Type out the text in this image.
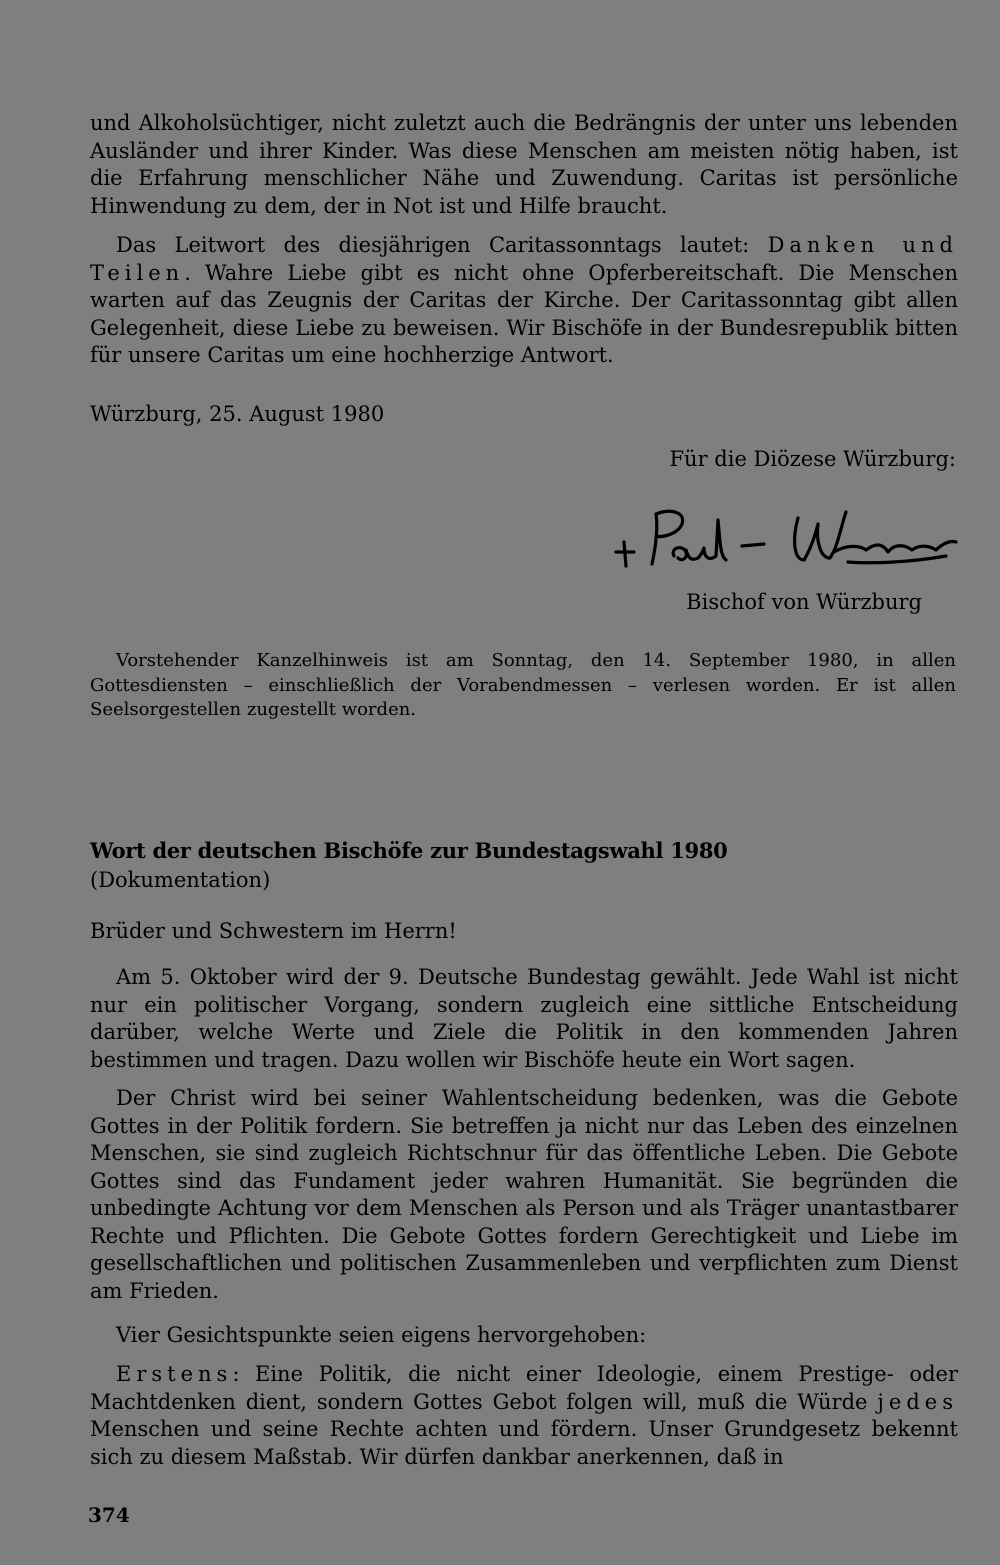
und Alkoholsüchtiger, nicht zuletzt auch die Bedrängnis der unter uns lebenden Ausländer und ihrer Kinder. Was diese Menschen am meisten nötig haben, ist die Erfahrung menschlicher Nähe und Zuwendung. Caritas ist persönliche Hinwendung zu dem, der in Not ist und Hilfe braucht.

Das Leitwort des diesjährigen Caritassonntags lautet: Danken und Teilen. Wahre Liebe gibt es nicht ohne Opferbereitschaft. Die Menschen warten auf das Zeugnis der Caritas der Kirche. Der Caritassonntag gibt allen Gelegenheit, diese Liebe zu beweisen. Wir Bischöfe in der Bundesrepublik bitten für unsere Caritas um eine hochherzige Antwort.

Würzburg, 25. August 1980

Für die Diözese Würzburg:

Bischof von Würzburg

Vorstehender Kanzelhinweis ist am Sonntag, den 14. September 1980, in allen Gottesdiensten – einschließlich der Vorabendmessen – verlesen worden. Er ist allen Seelsorgestellen zugestellt worden.

Wort der deutschen Bischöfe zur Bundestagswahl 1980

(Dokumentation)

Brüder und Schwestern im Herrn!

Am 5. Oktober wird der 9. Deutsche Bundestag gewählt. Jede Wahl ist nicht nur ein politischer Vorgang, sondern zugleich eine sittliche Entscheidung darüber, welche Werte und Ziele die Politik in den kommenden Jahren bestimmen und tragen. Dazu wollen wir Bischöfe heute ein Wort sagen.

Der Christ wird bei seiner Wahlentscheidung bedenken, was die Gebote Gottes in der Politik fordern. Sie betreffen ja nicht nur das Leben des einzelnen Menschen, sie sind zugleich Richtschnur für das öffentliche Leben. Die Gebote Gottes sind das Fundament jeder wahren Humanität. Sie begründen die unbedingte Achtung vor dem Menschen als Person und als Träger unantastbarer Rechte und Pflichten. Die Gebote Gottes fordern Gerechtigkeit und Liebe im gesellschaftlichen und politischen Zusammenleben und verpflichten zum Dienst am Frieden.

Vier Gesichtspunkte seien eigens hervorgehoben:

Erstens: Eine Politik, die nicht einer Ideologie, einem Prestige- oder Machtdenken dient, sondern Gottes Gebot folgen will, muß die Würde jedes Menschen und seine Rechte achten und fördern. Unser Grundgesetz bekennt sich zu diesem Maßstab. Wir dürfen dankbar anerkennen, daß in

374
